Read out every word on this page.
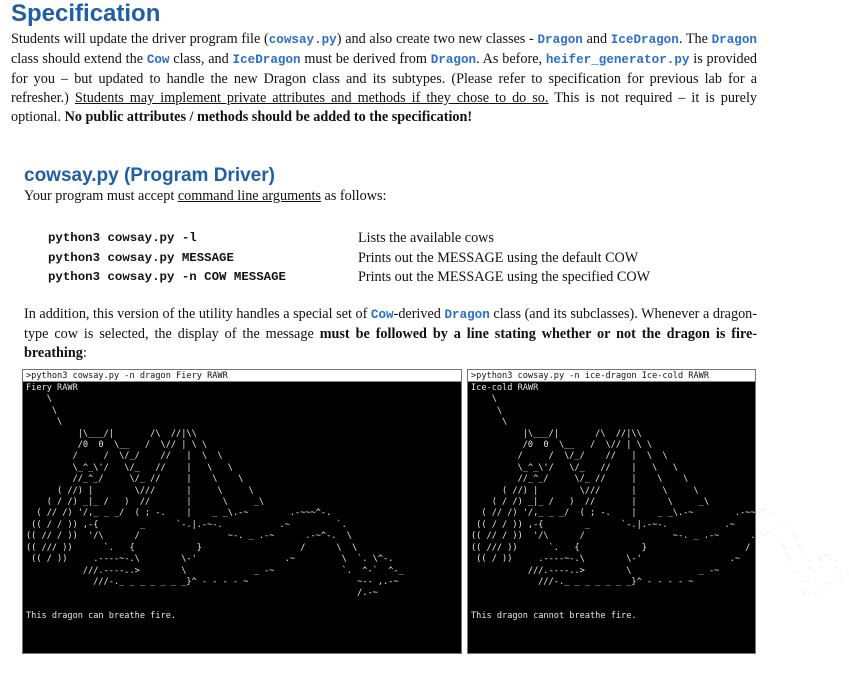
Specification
Students will update the driver program file (cowsay.py) and also create two new classes - Dragon and IceDragon. The Dragon class should extend the Cow class, and IceDragon must be derived from Dragon. As before, heifer_generator.py is provided for you – but updated to handle the new Dragon class and its subtypes. (Please refer to specification for previous lab for a refresher.) Students may implement private attributes and methods if they chose to do so. This is not required – it is purely optional. No public attributes / methods should be added to the specification!
cowsay.py (Program Driver)
Your program must accept command line arguments as follows:
python3 cowsay.py -l	Lists the available cows
python3 cowsay.py MESSAGE	Prints out the MESSAGE using the default COW
python3 cowsay.py -n COW MESSAGE	Prints out the MESSAGE using the specified COW
In addition, this version of the utility handles a special set of Cow-derived Dragon class (and its subclasses). Whenever a dragon-type cow is selected, the display of the message must be followed by a line stating whether or not the dragon is fire-breathing:
>python3 cowsay.py -n dragon Fiery RAWR
Fiery RAWR
\
\
\
|\___/|       /\  //|\\
/0  0  \__   /  \// | \ \
/     /  \/_/    //   |  \  \
\_^_\'/   \/_   //    |   \   \
//_^_/     \/_ //     |    \    \
( //) |        \///      |     \     \
( / /) _|_ /   )  //       |      \     _\
( // /) '/,_ _ _/  ( ; -.    |    _ _\.-~        .-~~~^-.
(( / / )) ,-{        _      `-.|.-~-.           .~         `.
(( // / ))  '/\      /                 ~-. _ .-~      .-~^-.  \
(( /// ))      `.   {            }                   /      \  \
(( / ))     .----~-.\        \-'                 .~         \  `. \^-.
///.----..>        \             _ -~             `.  ^-`  ^-_
///-._ _ _ _ _ _ _}^ - - - - ~                     ~-- ,.-~
/.-~

This dragon can breathe fire.
>python3 cowsay.py -n ice-dragon Ice-cold RAWR
Ice-cold RAWR
\
\
\
|\___/|       /\  //|\\
/0  0  \__   /  \// | \ \
/     /  \/_/    //   |  \  \
\_^_\'/   \/_   //    |   \   \
//_^_/     \/_ //     |    \    \
( //) |        \///      |     \     \
( / /) _|_ /   )  //       |      \     _\
( // /) '/,_ _ _/  ( ; -.    |    _ _\.-~        .-~~~^-.
(( / / )) ,-{        _      `-.|.-~-.           .~         `.
(( // / ))  '/\      /                 ~-. _ .-~      .-~^-.  \
(( /// ))      `.   {            }                   /      \  \
(( / ))     .----~-.\        \-'                 .~         \  `. \^-.
///.----..>        \             _ -~             `.  ^-`  ^-_
///-._ _ _ _ _ _ _}^ - - - - ~                     ~-- ,.-~
/.-~

This dragon cannot breathe fire.
